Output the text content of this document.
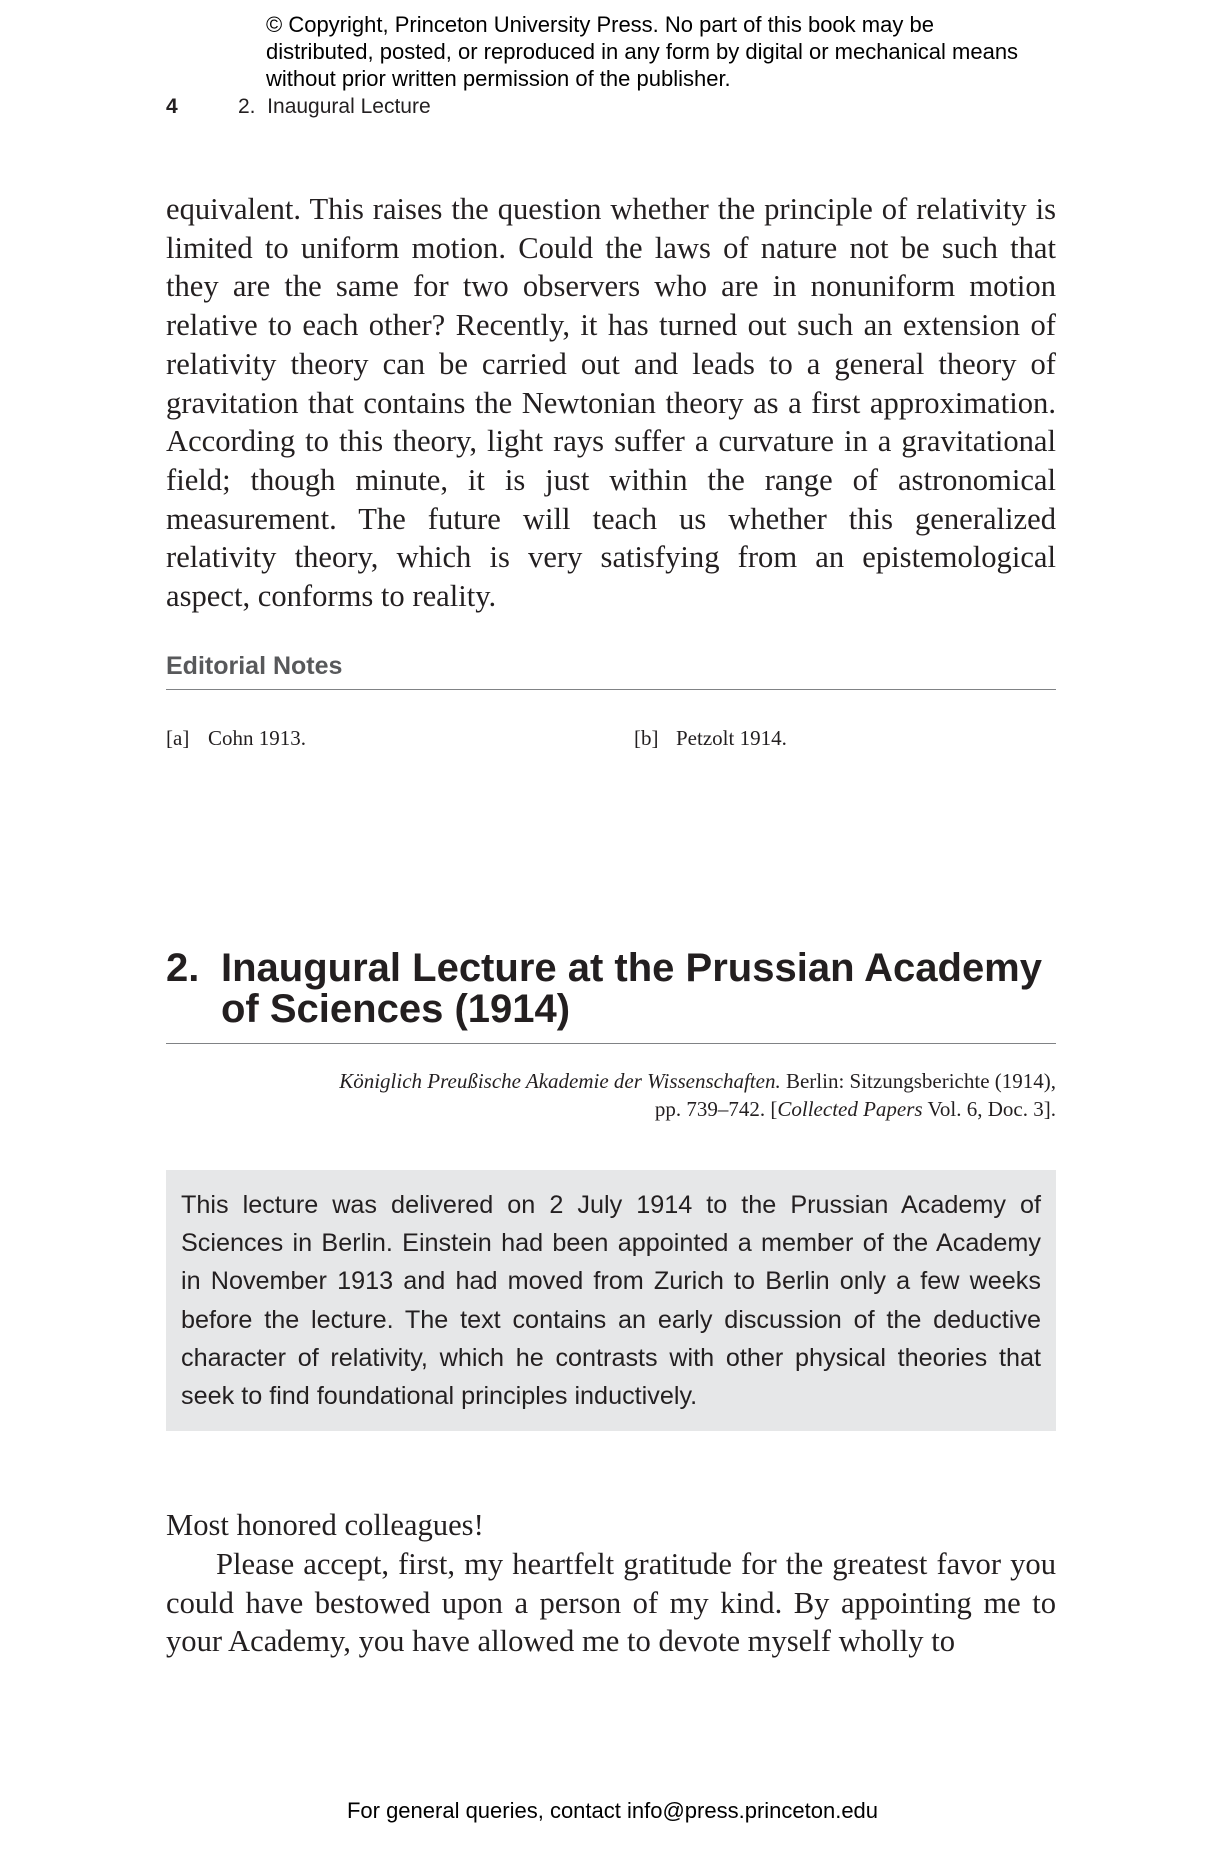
© Copyright, Princeton University Press. No part of this book may be distributed, posted, or reproduced in any form by digital or mechanical means without prior written permission of the publisher.
4	2.  Inaugural Lecture

equivalent. This raises the question whether the principle of relativity is limited to uniform motion. Could the laws of nature not be such that they are the same for two observers who are in nonuniform motion relative to each other? Recently, it has turned out such an extension of relativity theory can be carried out and leads to a general theory of gravitation that contains the Newtonian theory as a first approximation. According to this theory, light rays suffer a curvature in a gravitational field; though minute, it is just within the range of astronomical measurement. The future will teach us whether this generalized relativity theory, which is very satisfying from an epistemological aspect, conforms to reality.

Editorial Notes
[a] Cohn 1913.	[b] Petzolt 1914.
2. Inaugural Lecture at the Prussian Academy of Sciences (1914)
Königlich Preußische Akademie der Wissenschaften. Berlin: Sitzungsberichte (1914),
pp. 739–742. [Collected Papers Vol. 6, Doc. 3].
This lecture was delivered on 2 July 1914 to the Prussian Academy of Sciences in Berlin. Einstein had been appointed a member of the Academy in November 1913 and had moved from Zurich to Berlin only a few weeks before the lecture. The text contains an early discussion of the deductive character of relativity, which he contrasts with other physical theories that seek to find foundational principles inductively.
Most honored colleagues!

Please accept, first, my heartfelt gratitude for the greatest favor you could have bestowed upon a person of my kind. By appointing me to your Academy, you have allowed me to devote myself wholly to

For general queries, contact info@press.princeton.edu
